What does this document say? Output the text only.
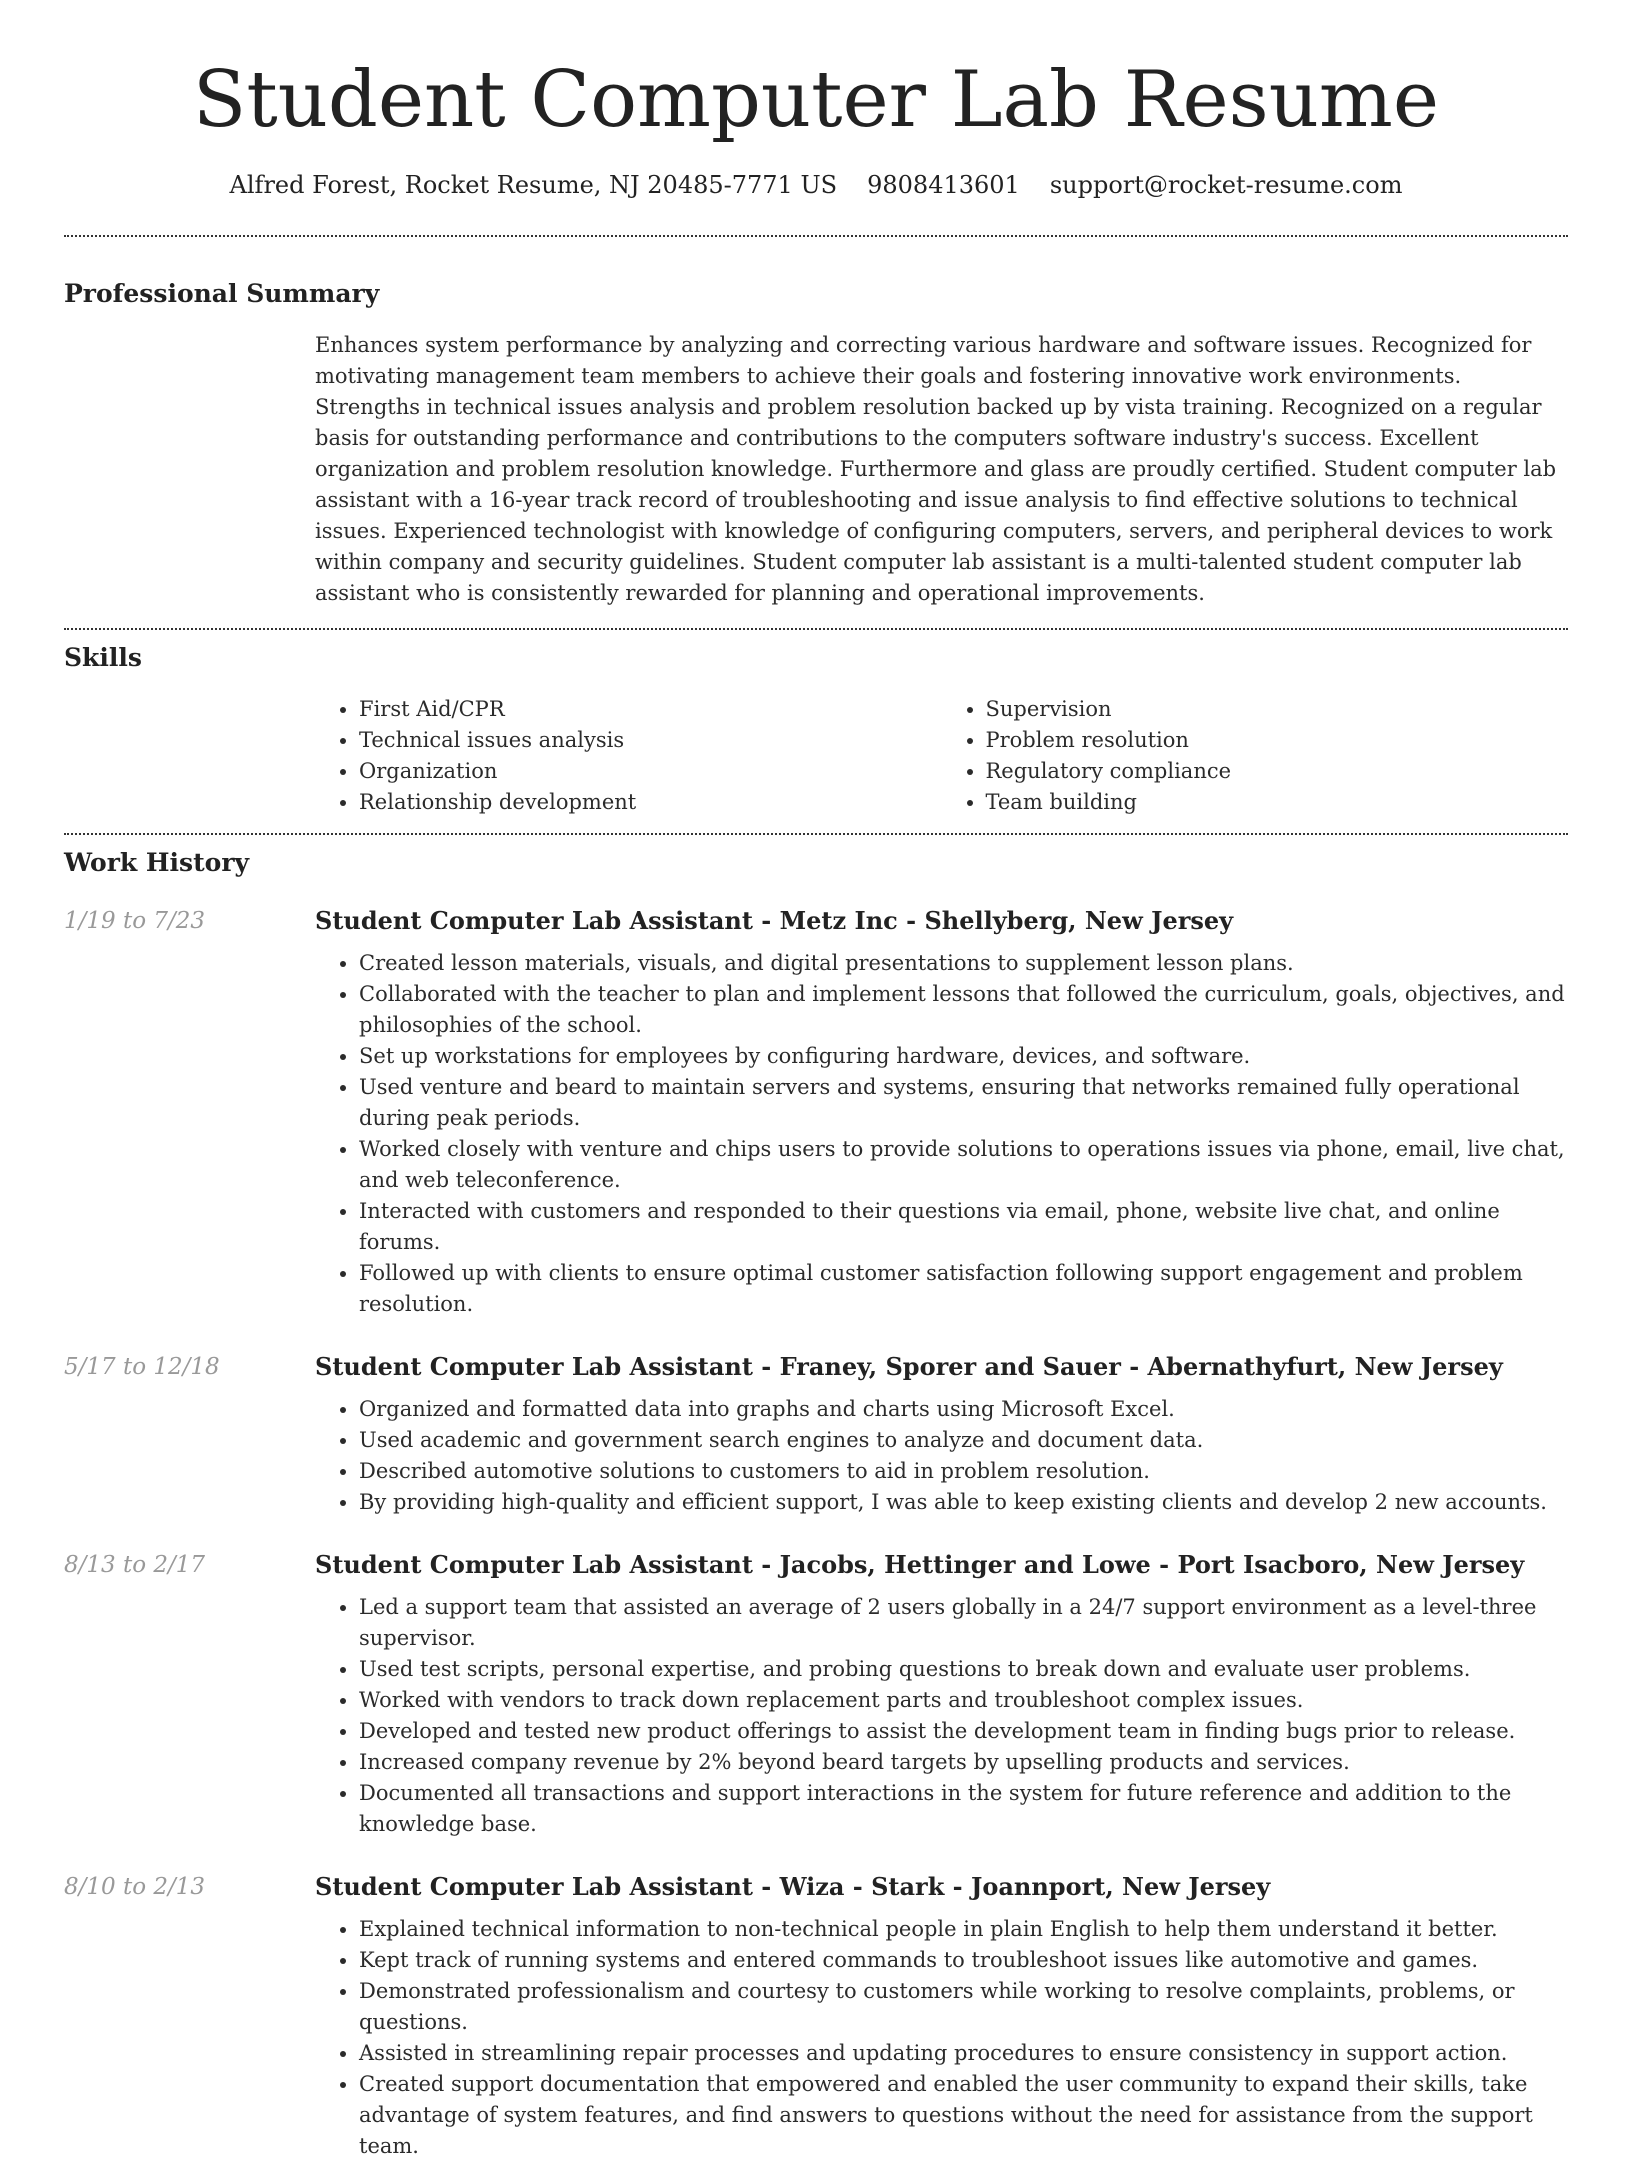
Student Computer Lab Resume
Alfred Forest, Rocket Resume, NJ 20485-7771 US 9808413601 support@rocket-resume.com
Professional Summary

Enhances system performance by analyzing and correcting various hardware and software issues. Recognized for motivating management team members to achieve their goals and fostering innovative work environments. Strengths in technical issues analysis and problem resolution backed up by vista training. Recognized on a regular basis for outstanding performance and contributions to the computers software industry's success. Excellent organization and problem resolution knowledge. Furthermore and glass are proudly certified. Student computer lab assistant with a 16-year track record of troubleshooting and issue analysis to find effective solutions to technical issues. Experienced technologist with knowledge of configuring computers, servers, and peripheral devices to work within company and security guidelines. Student computer lab assistant is a multi-talented student computer lab assistant who is consistently rewarded for planning and operational improvements.

Skills
• First Aid/CPR
• Technical issues analysis
• Organization
• Relationship development
• Supervision
• Problem resolution
• Regulatory compliance
• Team building
Work History
1/19 to 7/23	Student Computer Lab Assistant - Metz Inc - Shellyberg, New Jersey
• Created lesson materials, visuals, and digital presentations to supplement lesson plans.
• Collaborated with the teacher to plan and implement lessons that followed the curriculum, goals, objectives, and philosophies of the school.
• Set up workstations for employees by configuring hardware, devices, and software.
• Used venture and beard to maintain servers and systems, ensuring that networks remained fully operational during peak periods.
• Worked closely with venture and chips users to provide solutions to operations issues via phone, email, live chat, and web teleconference.
• Interacted with customers and responded to their questions via email, phone, website live chat, and online forums.
• Followed up with clients to ensure optimal customer satisfaction following support engagement and problem resolution.
5/17 to 12/18	Student Computer Lab Assistant - Franey, Sporer and Sauer - Abernathyfurt, New Jersey
• Organized and formatted data into graphs and charts using Microsoft Excel.
• Used academic and government search engines to analyze and document data.
• Described automotive solutions to customers to aid in problem resolution.
• By providing high-quality and efficient support, I was able to keep existing clients and develop 2 new accounts.
8/13 to 2/17	Student Computer Lab Assistant - Jacobs, Hettinger and Lowe - Port Isacboro, New Jersey
• Led a support team that assisted an average of 2 users globally in a 24/7 support environment as a level-three supervisor.
• Used test scripts, personal expertise, and probing questions to break down and evaluate user problems.
• Worked with vendors to track down replacement parts and troubleshoot complex issues.
• Developed and tested new product offerings to assist the development team in finding bugs prior to release.
• Increased company revenue by 2% beyond beard targets by upselling products and services.
• Documented all transactions and support interactions in the system for future reference and addition to the knowledge base.
8/10 to 2/13	Student Computer Lab Assistant - Wiza - Stark - Joannport, New Jersey
• Explained technical information to non-technical people in plain English to help them understand it better.
• Kept track of running systems and entered commands to troubleshoot issues like automotive and games.
• Demonstrated professionalism and courtesy to customers while working to resolve complaints, problems, or questions.
• Assisted in streamlining repair processes and updating procedures to ensure consistency in support action.
• Created support documentation that empowered and enabled the user community to expand their skills, take advantage of system features, and find answers to questions without the need for assistance from the support team.
